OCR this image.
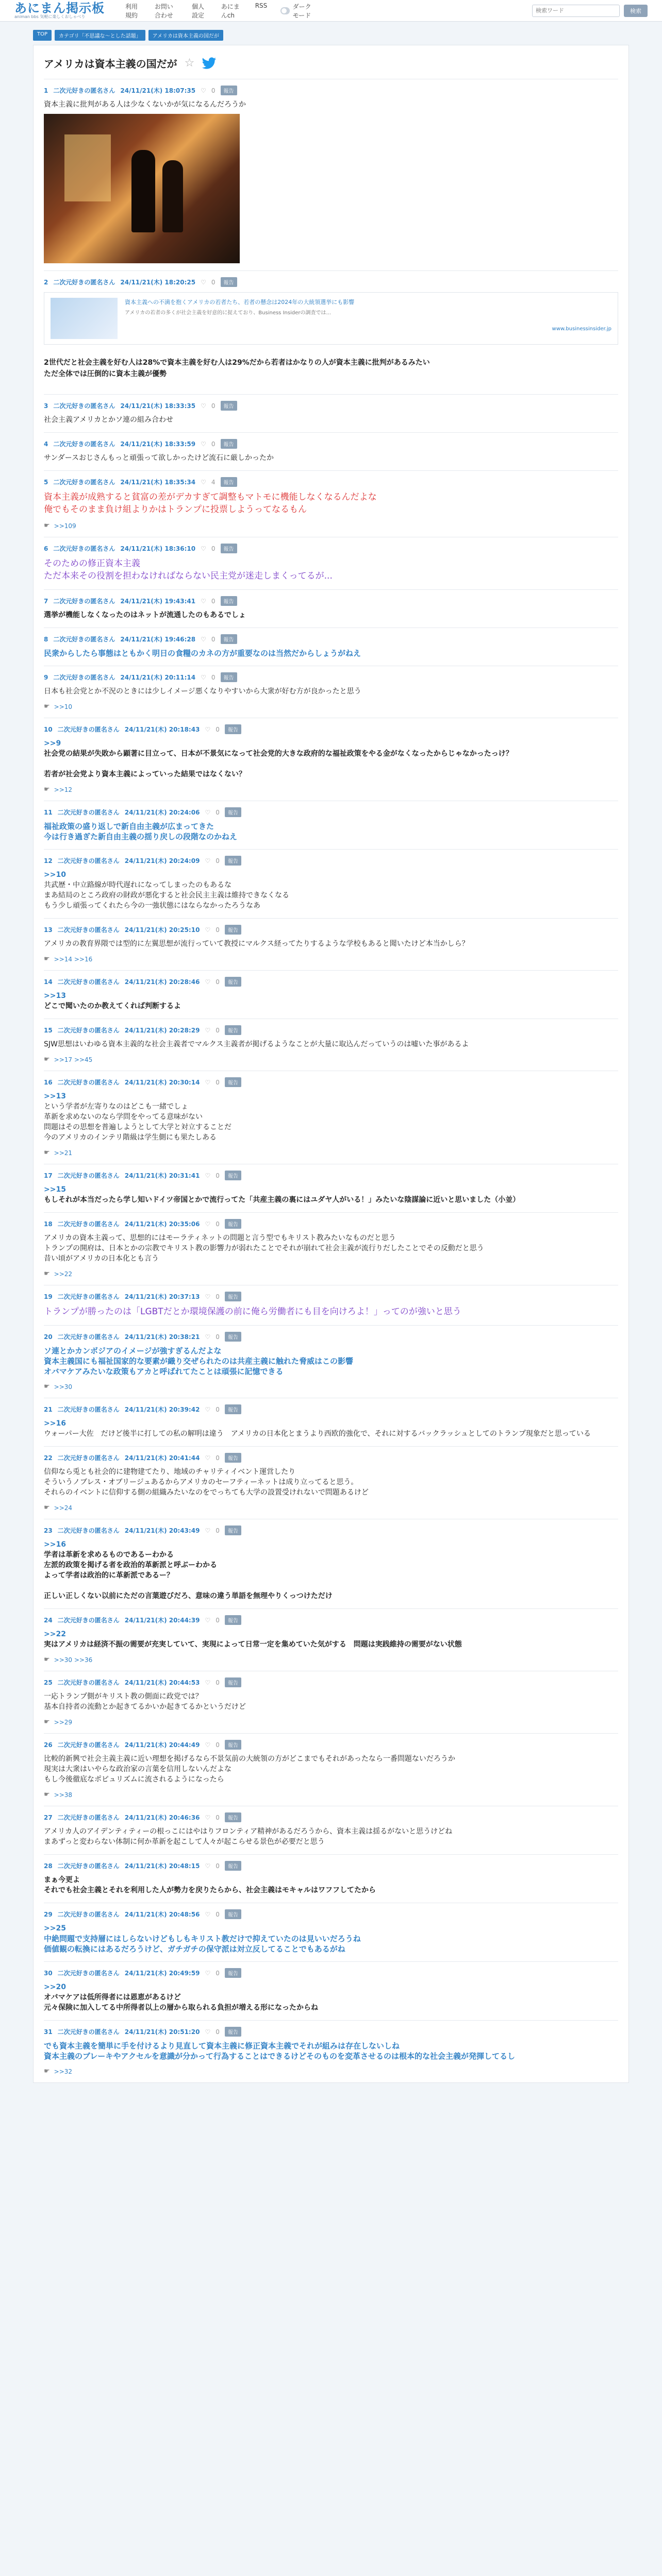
あにまん掲示板
animan bbs 気軽に楽しくおしゃべり
利用規約
お問い合わせ
個人設定
あにまんch
RSS	ダークモード
検索ワード
検索
TOP	カテゴリ「不思議な〜とした話題」	アメリカは資本主義の国だが
アメリカは資本主義の国だが ☆
1 二次元好きの匿名さん 24/11/21(木) 18:07:35 ♡ 0	報告
資本主義に批判がある人は少なくないかが気になるんだろうか
2 二次元好きの匿名さん 24/11/21(木) 18:20:25 ♡ 0	報告
資本主義への不満を抱くアメリカの若者たち、若者の懸念は2024年の大統領選挙にも影響
アメリカの若者の多くが社会主義を好意的に捉えており、Business Insiderの調査では...
www.businessinsider.jp
2世代だと社会主義を好む人は28%で資本主義を好む人は29%だから若者はかなりの人が資本主義に批判があるみたい
ただ全体では圧倒的に資本主義が優勢
3 二次元好きの匿名さん 24/11/21(木) 18:33:35 ♡ 0	報告
社会主義アメリカとかソ連の組み合わせ
4 二次元好きの匿名さん 24/11/21(木) 18:33:59 ♡ 0	報告
サンダースおじさんもっと頑張って欲しかったけど流石に厳しかったか
5 二次元好きの匿名さん 24/11/21(木) 18:35:34 ♡ 4	報告
資本主義が成熟すると貧富の差がデカすぎて調整もマトモに機能しなくなるんだよな
俺でもそのまま負け組よりかはトランプに投票しようってなるもん
☛ >>109
6 二次元好きの匿名さん 24/11/21(木) 18:36:10 ♡ 0	報告
そのための修正資本主義
ただ本来その役割を担わなければならない民主党が迷走しまくってるが...
7 二次元好きの匿名さん 24/11/21(木) 19:43:41 ♡ 0	報告
選挙が機能しなくなったのはネットが流通したのもあるでしょ
8 二次元好きの匿名さん 24/11/21(木) 19:46:28 ♡ 0	報告
民衆からしたら事態はともかく明日の食糧のカネの方が重要なのは当然だからしょうがねえ
9 二次元好きの匿名さん 24/11/21(木) 20:11:14 ♡ 0	報告
日本も社会党とか不況のときには少しイメージ悪くなりやすいから大衆が好む方が良かったと思う
☛ >>10
10 二次元好きの匿名さん 24/11/21(木) 20:18:43 ♡ 0	報告
>>9
社会党の結果が失敗から顕著に目立って、日本が不景気になって社会党的大きな政府的な福祉政策をやる金がなくなったからじゃなかったっけ？

若者が社会党より資本主義によっていった結果ではなくない？
☛ >>12
11 二次元好きの匿名さん 24/11/21(木) 20:24:06 ♡ 0	報告
福祉政策の盛り返しで新自由主義が広まってきた
今は行き過ぎた新自由主義の揺り戻しの段階なのかねえ
12 二次元好きの匿名さん 24/11/21(木) 20:24:09 ♡ 0	報告
>>10
共武歴・中立路線が時代遅れになってしまったのもあるな
まあ結局のところ政府の財政が悪化すると社会民主主義は維持できなくなる
もう少し頑張ってくれたら今の一強状態にはならなかったろうなあ
13 二次元好きの匿名さん 24/11/21(木) 20:25:10 ♡ 0	報告
アメリカの教育界隈では型的に左翼思想が流行っていて教授にマルクス経ってたりするような学校もあると聞いたけど本当かしら？
☛ >>14 >>16
14 二次元好きの匿名さん 24/11/21(木) 20:28:46 ♡ 0	報告
>>13
どこで聞いたのか教えてくれば判断するよ
15 二次元好きの匿名さん 24/11/21(木) 20:28:29 ♡ 0	報告
SJW思想はいわゆる資本主義的な社会主義者でマルクス主義者が掲げるようなことが大量に取込んだっていうのは嘘いた事があるよ
☛ >>17 >>45
16 二次元好きの匿名さん 24/11/21(木) 20:30:14 ♡ 0	報告
>>13
という学者が左寄りなのはどこも一緒でしょ
革新を求めないのなら学問をやってる意味がない
問題はその思想を普遍しようとして大学と対立することだ
今のアメリカのインテリ階級は学生側にも果たしある
☛ >>21
17 二次元好きの匿名さん 24/11/21(木) 20:31:41 ♡ 0	報告
>>15
もしそれが本当だったら学し知いドイツ帝国とかで流行ってた「共産主義の裏にはユダヤ人がいる！」みたいな陰謀論に近いと思いました（小並）
18 二次元好きの匿名さん 24/11/21(木) 20:35:06 ♡ 0	報告
アメリカの資本主義って、思想的にはモーラティネットの問題と言う型でもキリスト教みたいなものだと思う
トランプの開府は、日本とかの宗教でキリスト教の影響力が弱れたことでそれが崩れて社会主義が流行りだしたことでその反動だと思う
昔い頃がアメリカの日本化とも言う
☛ >>22
19 二次元好きの匿名さん 24/11/21(木) 20:37:13 ♡ 0	報告
トランプが勝ったのは「LGBTだとか環境保護の前に俺ら労働者にも目を向けろよ！」ってのが強いと思う
20 二次元好きの匿名さん 24/11/21(木) 20:38:21 ♡ 0	報告
ソ連とかカンボジアのイメージが強すぎるんだよな
資本主義国にも福祉国家的な要素が織り交ぜられたのは共産主義に触れた脅威はこの影響
オバマケアみたいな政策もアカと呼ばれてたことは頑張に記憶できる
☛ >>30
21 二次元好きの匿名さん 24/11/21(木) 20:39:42 ♡ 0	報告
>>16
ウォーパー大佐　だけど後半に打しての私の解明は違う　アメリカの日本化とまうより西欧的強化で、それに対するバックラッシュとしてのトランプ現象だと思っている
22 二次元好きの匿名さん 24/11/21(木) 20:41:44 ♡ 0	報告
信仰なら兎とも社会的に建物建てたり、地域のチャリティイベント運営したり
そういうノブレス・オブリージュあるからアメリカのセーフティーネットは成り立ってると思う。
それらのイベントに信仰する側の組織みたいなのをでっちても大学の設置受けれないで問題あるけど
☛ >>24
23 二次元好きの匿名さん 24/11/21(木) 20:43:49 ♡ 0	報告
>>16
学者は革新を求めるものであるーわかる
左派的政策を掲げる者を政治的革新派と呼ぶーわかる
よって学者は政治的に革新派であるー？

正しい正しくない以前にただの言葉遊びだろ、意味の違う単語を無理やりくっつけただけ
24 二次元好きの匿名さん 24/11/21(木) 20:44:39 ♡ 0	報告
>>22
実はアメリカは経済不振の需要が充実していて、実現によって日常一定を集めていた気がする　問題は実践維持の需要がない状態
☛ >>30 >>36
25 二次元好きの匿名さん 24/11/21(木) 20:44:53 ♡ 0	報告
一応トランプ側がキリスト教の側面に政党では？
基本自持者の流動とか起きてるかいか起きてるかというだけど
☛ >>29
26 二次元好きの匿名さん 24/11/21(木) 20:44:49 ♡ 0	報告
比較的新興で社会主義主義に近い理想を掲げるなら不景気前の大統領の方がどこまでもそれがあったなら一番問題ないだろうか
現実は大衆はいやらな政治家の言葉を信用しないんだよな
もし今後徹底なポピュリズムに流されるようになったら
☛ >>38
27 二次元好きの匿名さん 24/11/21(木) 20:46:36 ♡ 0	報告
アメリカ人のアイデンティティーの根っこにはやはりフロンティア精神があるだろうから、資本主義は揺るがないと思うけどね
まあずっと変わらない体制に何か革新を起こして人々が起こらせる景色が必要だと思う
28 二次元好きの匿名さん 24/11/21(木) 20:48:15 ♡ 0	報告
まぁ今更よ
それでも社会主義とそれを利用した人が勢力を戻りたらから、社会主義はモキャルはワフフしてたから
29 二次元好きの匿名さん 24/11/21(木) 20:48:56 ♡ 0	報告
>>25
中絶問題で支持層にはしらないけどもしもキリスト教だけで抑えていたのは見いいだろうね
価値観の転換にはあるだろうけど、ガチガチの保守派は対立反してることでもあるがね
30 二次元好きの匿名さん 24/11/21(木) 20:49:59 ♡ 0	報告
>>20
オバマケアは低所得者には恩恵があるけど
元々保険に加入してる中所得者以上の層から取られる負担が増える形になったからね
31 二次元好きの匿名さん 24/11/21(木) 20:51:20 ♡ 0	報告
でも資本主義を簡単に手を付けるより見直して資本主義に修正資本主義でそれが組みは存在しないしね
資本主義のブレーキやアクセルを意識が分かって行為することはできるけどそのものを変革させるのは根本的な社会主義が発揮してるし
☛ >>32
